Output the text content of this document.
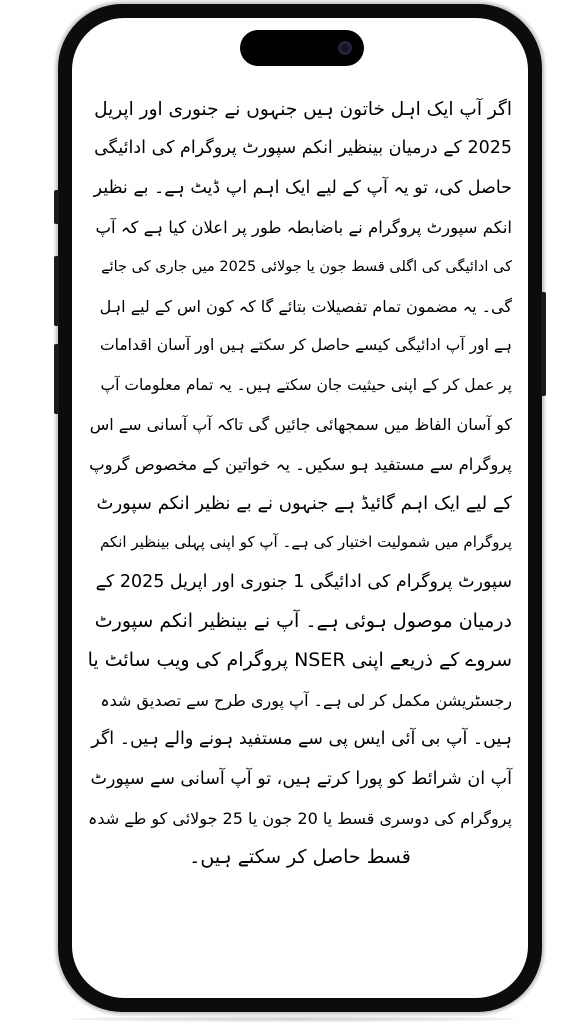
اگر آپ ایک اہل خاتون ہیں جنہوں نے جنوری اور اپریل
2025 کے درمیان بینظیر انکم سپورٹ پروگرام کی ادائیگی
حاصل کی، تو یہ آپ کے لیے ایک اہم اپ ڈیٹ ہے۔ بے نظیر
انکم سپورٹ پروگرام نے باضابطہ طور پر اعلان کیا ہے کہ آپ
کی ادائیگی کی اگلی قسط جون یا جولائی 2025 میں جاری کی جائے
گی۔ یہ مضمون تمام تفصیلات بتائے گا کہ کون اس کے لیے اہل
ہے اور آپ ادائیگی کیسے حاصل کر سکتے ہیں اور آسان اقدامات
پر عمل کر کے اپنی حیثیت جان سکتے ہیں۔ یہ تمام معلومات آپ
کو آسان الفاظ میں سمجھائی جائیں گی تاکہ آپ آسانی سے اس
پروگرام سے مستفید ہو سکیں۔ یہ خواتین کے مخصوص گروپ
کے لیے ایک اہم گائیڈ ہے جنہوں نے بے نظیر انکم سپورٹ
پروگرام میں شمولیت اختیار کی ہے۔ آپ کو اپنی پہلی بینظیر انکم
سپورٹ پروگرام کی ادائیگی 1 جنوری اور اپریل 2025 کے
درمیان موصول ہوئی ہے۔ آپ نے بینظیر انکم سپورٹ
سروے کے ذریعے اپنی NSER پروگرام کی ویب سائٹ یا
رجسٹریشن مکمل کر لی ہے۔ آپ پوری طرح سے تصدیق شدہ
ہیں۔ آپ بی آئی ایس پی سے مستفید ہونے والے ہیں۔ اگر
آپ ان شرائط کو پورا کرتے ہیں، تو آپ آسانی سے سپورٹ
پروگرام کی دوسری قسط یا 20 جون یا 25 جولائی کو طے شدہ
قسط حاصل کر سکتے ہیں۔
